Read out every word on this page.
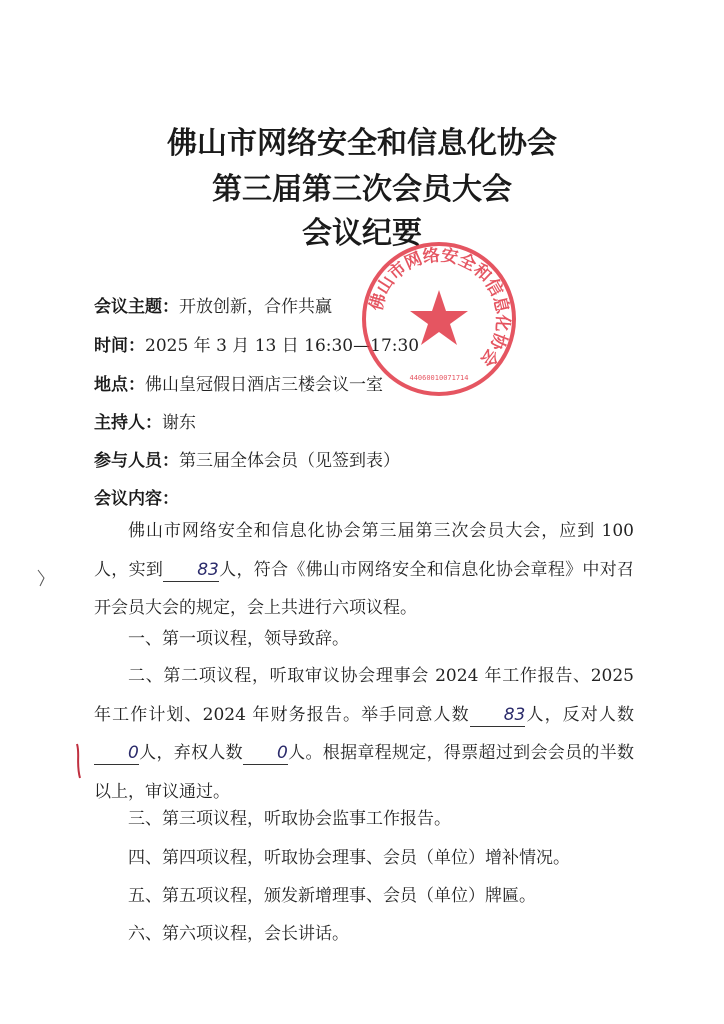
佛山市网络安全和信息化协会
第三届第三次会员大会
会议纪要
会议主题：开放创新，合作共赢
时间：2025 年 3 月 13 日 16:30—17:30
地点：佛山皇冠假日酒店三楼会议一室
主持人：谢东
参与人员：第三届全体会员（见签到表）
会议内容：
佛山市网络安全和信息化协会第三届第三次会员大会，应到 100 人，实到 83人，符合《佛山市网络安全和信息化协会章程》中对召开会员大会的规定，会上共进行六项议程。
一、第一项议程，领导致辞。
二、第二项议程，听取审议协会理事会 2024 年工作报告、2025 年工作计划、2024 年财务报告。举手同意人数 83人，反对人数0人，弃权人数 0人。根据章程规定，得票超过到会会员的半数以上，审议通过。
三、第三项议程，听取协会监事工作报告。
四、第四项议程，听取协会理事、会员（单位）增补情况。
五、第五项议程，颁发新增理事、会员（单位）牌匾。
六、第六项议程，会长讲话。
佛山市网络安全和信息化协会
44060010071714
